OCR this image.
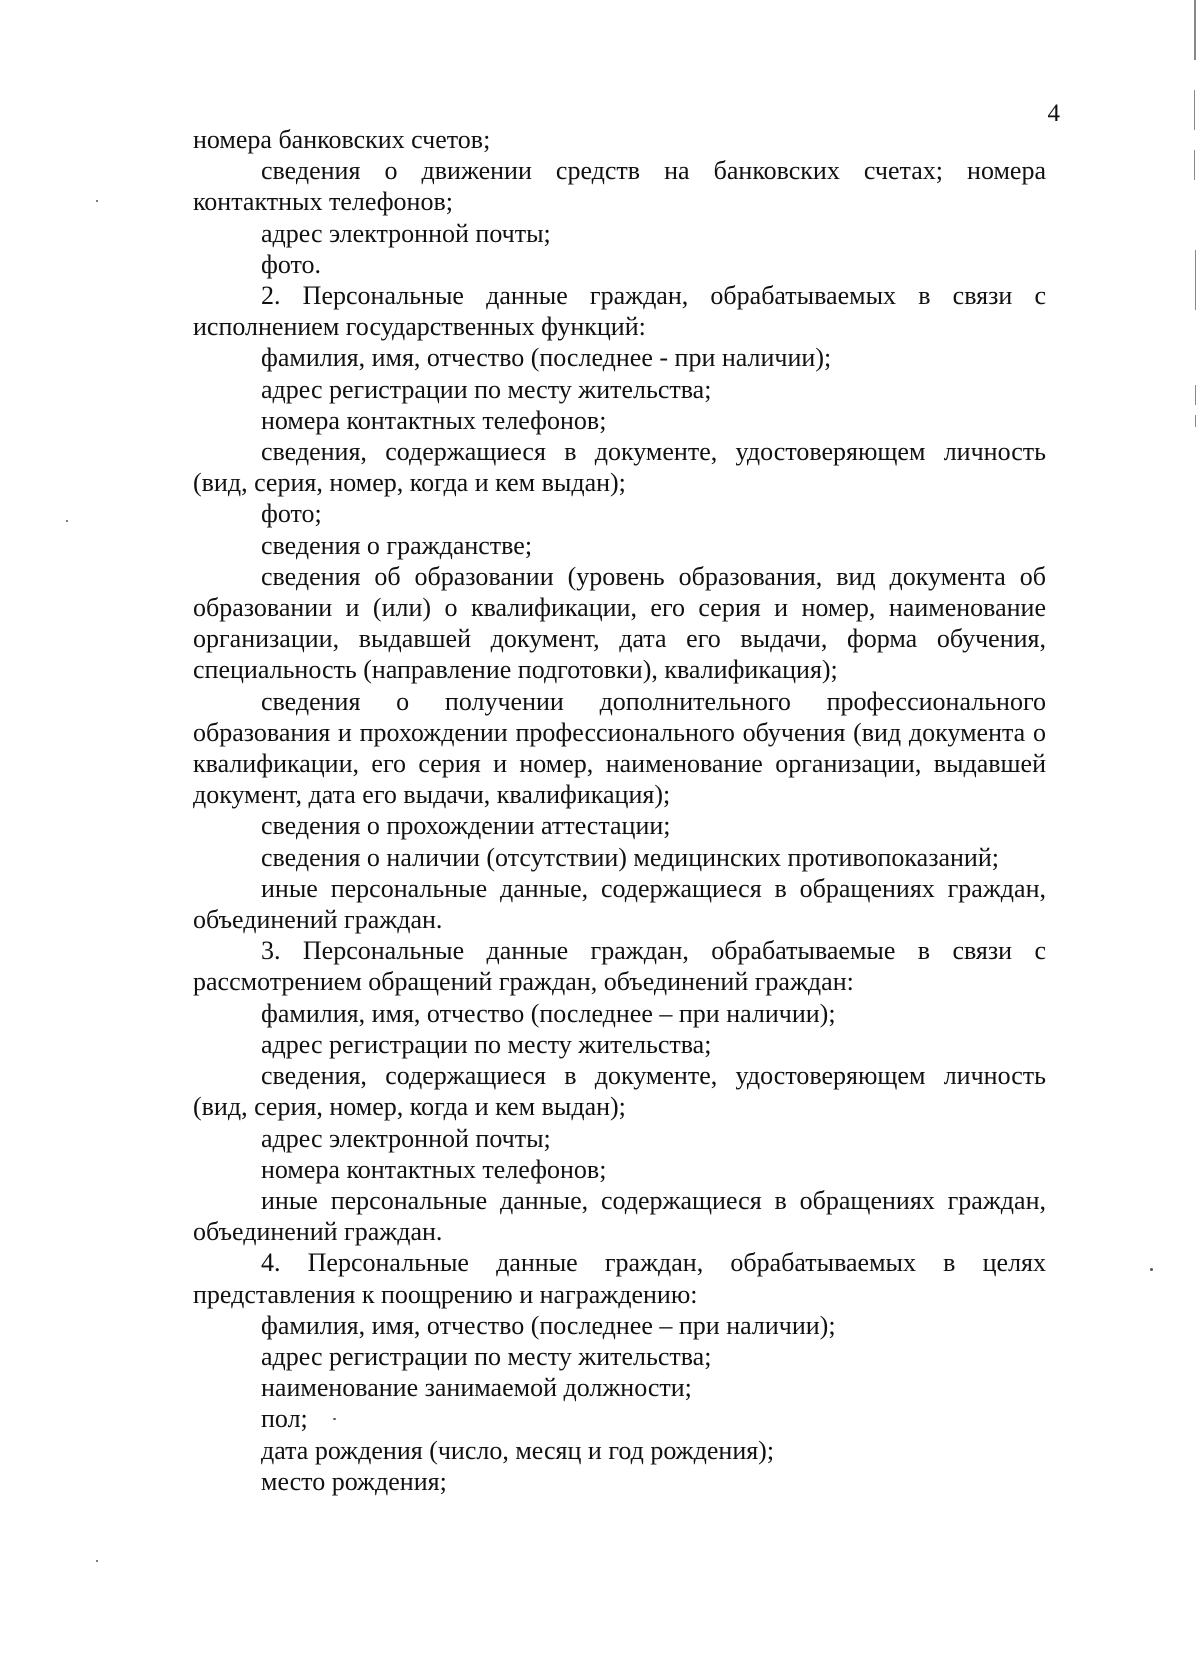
4

номера банковских счетов;

сведения о движении средств на банковских счетах; номера контактных телефонов;

адрес электронной почты;

фото.

2. Персональные данные граждан, обрабатываемых в связи с исполнением государственных функций:

фамилия, имя, отчество (последнее - при наличии);

адрес регистрации по месту жительства;

номера контактных телефонов;

сведения, содержащиеся в документе, удостоверяющем личность (вид, серия, номер, когда и кем выдан);

фото;

сведения о гражданстве;

сведения об образовании (уровень образования, вид документа об образовании и (или) о квалификации, его серия и номер, наименование организации, выдавшей документ, дата его выдачи, форма обучения, специальность (направление подготовки), квалификация);

сведения о получении дополнительного профессионального образования и прохождении профессионального обучения (вид документа о квалификации, его серия и номер, наименование организации, выдавшей документ, дата его выдачи, квалификация);

сведения о прохождении аттестации;

сведения о наличии (отсутствии) медицинских противопоказаний;

иные персональные данные, содержащиеся в обращениях граждан, объединений граждан.

3. Персональные данные граждан, обрабатываемые в связи с рассмотрением обращений граждан, объединений граждан:

фамилия, имя, отчество (последнее – при наличии);

адрес регистрации по месту жительства;

сведения, содержащиеся в документе, удостоверяющем личность (вид, серия, номер, когда и кем выдан);

адрес электронной почты;

номера контактных телефонов;

иные персональные данные, содержащиеся в обращениях граждан, объединений граждан.

4. Персональные данные граждан, обрабатываемых в целях представления к поощрению и награждению:

фамилия, имя, отчество (последнее – при наличии);

адрес регистрации по месту жительства;

наименование занимаемой должности;

пол;

дата рождения (число, месяц и год рождения);

место рождения;
